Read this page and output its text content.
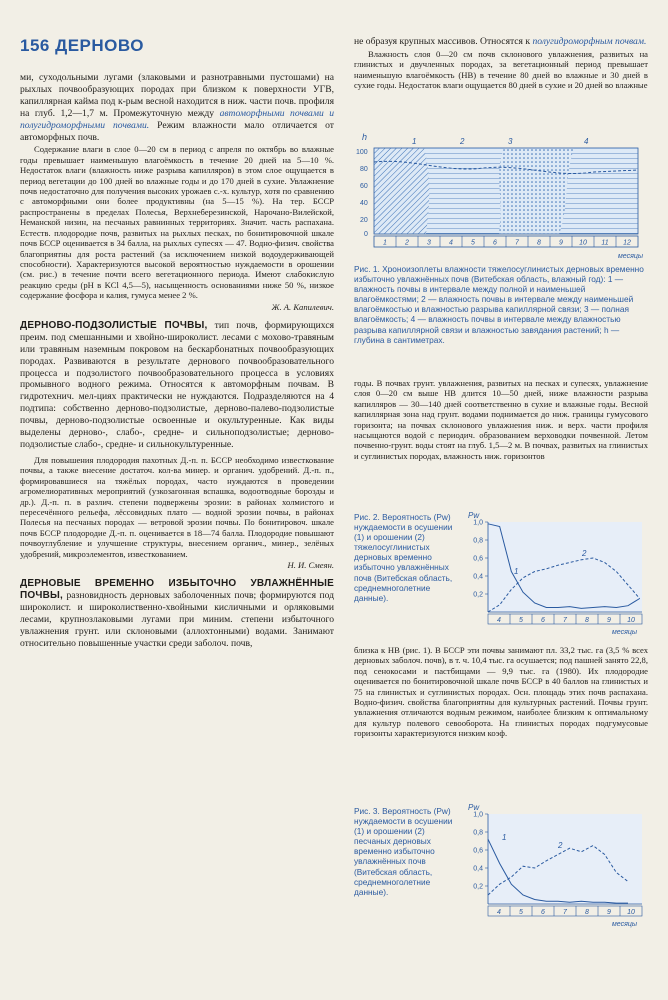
156 ДЕРНОВО

ми, суходольными лугами (злаковыми и разнотравными пустошами) на рыхлых почвообразующих породах при близком к поверхности УГВ, капиллярная кайма под к-рым весной находится в ниж. части почв. профиля на глуб. 1,2—1,7 м. Промежуточную между автоморфными почвами и полугидроморфными почвами. Режим влажности мало отличается от автоморфных почв.

Содержание влаги в слое 0—20 см в период с апреля по октябрь во влажные годы превышает наименьшую влагоёмкость в течение 20 дней на 5—10 %. Недостаток влаги (влажность ниже разрыва капилляров) в этом слое ощущается в период вегетации до 100 дней во влажные годы и до 170 дней в сухие. Увлажнение почв недостаточно для получения высоких урожаев с.-х. культур, хотя по сравнению с автоморфными они более продуктивны (на 5—15 %). На тер. БССР распространены в пределах Полесья, Верхнеберезинской, Нарочано-Вилейской, Неманской низин, на песчаных равнинных территориях. Значит. часть распахана. Естеств. плодородие почв, развитых на рыхлых песках, по бонитировочной шкале почв БССР оценивается в 34 балла, на рыхлых супесях — 47. Водно-физич. свойства благоприятны для роста растений (за исключением низкой водоудерживающей способности). Характеризуются высокой вероятностью нуждаемости в орошении (см. рис.) в течение почти всего вегетационного периода. Имеют слабокислую реакцию среды (pH в KCl 4,5—5), насыщенность основаниями ниже 50 %, низкое содержание фосфора и калия, гумуса менее 2 %.

Ж. А. Капилевич.

ДЕРНОВО-ПОДЗОЛИСТЫЕ ПОЧВЫ, тип почв, формирующихся преим. под смешанными и хвойно-широколист. лесами с мохово-травяным или травяным наземным покровом на бескарбонатных почвообразующих породах. Развиваются в результате дернового почвообразовательного процесса и подзолистого почвообразовательного процесса в условиях промывного водного режима. Относятся к автоморфным почвам. В гидротехнич. мел-циях практически не нуждаются. Подразделяются на 4 подтипа: собственно дерново-подзолистые, дерново-палево-подзолистые почвы, дерново-подзолистые освоенные и окультуренные. Как виды выделены дерново-, слабо-, средне- и сильноподзолистые; дерново-подзолистые слабо-, средне- и сильнокультуренные.

Для повышения плодородия пахотных Д.-п. п. БССР необходимо известкование почвы, а также внесение достаточ. кол-ва минер. и органич. удобрений. Д.-п. п., формировавшиеся на тяжёлых породах, часто нуждаются в проведении агромелиоративных мероприятий (узкозагонная вспашка, водоотводные борозды и др.). Д.-п. п. в различ. степени подвержены эрозии: в районах холмистого и пересечённого рельефа, лёссовидных плато — водной эрозии почвы, в районах Полесья на песчаных породах — ветровой эрозии почвы. По бонитировоч. шкале почв БССР плодородие Д.-п. п. оценивается в 18—74 балла. Плодородие повышают почвоуглубление и улучшение структуры, внесением органич., минер., зелёных удобрений, микроэлементов, известкованием.

Н. И. Смеян.

ДЕРНОВЫЕ ВРЕМЕННО ИЗБЫТОЧНО УВЛАЖНЁННЫЕ ПОЧВЫ, разновидность дерновых заболоченных почв; формируются под широколист. и широколиственно-хвойными кисличными и орляковыми лесами, крупнозлаковыми лугами при миним. степени избыточного увлажнения грунт. или склоновыми (аллохтонными) водами. Занимают относительно повышенные участки среди заболоч. почв,

не образуя крупных массивов. Относятся к полугидроморфным почвам.

Влажность слоя 0—20 см почв склонового увлажнения, развитых на глинистых и двучленных породах, за вегетационный период превышает наименьшую влагоёмкость (НВ) в течение 80 дней во влажные и 30 дней в сухие годы. Недостаток влаги ощущается 80 дней в сухие и 20 дней во влажные

h
100
80
60
40
20
0
1	2	3	4
1	2	3	4	5	6	7	8	9 10 11 12
месяцы
Рис. 1. Хроноизоплеты влажности тяжелосуглинистых дерновых временно избыточно увлажнённых почв (Витебская область, влажный год): 1 — влажность почвы в интервале между полной и наименьшей влагоёмкостями; 2 — влажность почвы в интервале между наименьшей влагоёмкостью и влажностью разрыва капиллярной связи; 3 — полная влагоёмкость; 4 — влажность почвы в интервале между влажностью разрыва капиллярной связи и влажностью завядания растений; h — глубина в сантиметрах.

годы. В почвах грунт. увлажнения, развитых на песках и супесях, увлажнение слоя 0—20 см выше НВ длится 10—50 дней, ниже влажности разрыва капилляров — 30—140 дней соответственно в сухие и влажные годы. Весной капиллярная зона над грунт. водами поднимается до ниж. границы гумусового горизонта; на почвах склонового увлажнения ниж. и верх. части профиля насыщаются водой с периодич. образованием верховодки почвенной. Летом почвенно-грунт. воды стоят на глуб. 1,5—2 м. В почвах, развитых на глинистых и суглинистых породах, влажность ниж. горизонтов

Рис. 2. Вероятность (Pw) нуждаемости в осушении (1) и орошении (2) тяжелосуглинистых дерновых временно избыточно увлажнённых почв (Витебская область, среднемноголетние данные).
Pw
1,0
0,8
0,6
0,4
0,2
4	5	6	7	8	9 10
месяцы
1
2

близка к НВ (рис. 1). В БССР эти почвы занимают пл. 33,2 тыс. га (3,5 % всех дерновых заболоч. почв), в т. ч. 10,4 тыс. га осушается; под пашней занято 22,8, под сенокосами и пастбищами — 9,9 тыс. га (1980). Их плодородие оценивается по бонитировочной шкале почв БССР в 40 баллов на глинистых и 75 на глинистых и суглинистых породах. Осн. площадь этих почв распахана. Водно-физич. свойства благоприятны для культурных растений. Почвы грунт. увлажнения отличаются водным режимом, наиболее близким к оптимальному для культур полевого севооборота. На глинистых породах подгумусовые горизонты характеризуются низким коэф.

Рис. 3. Вероятность (Pw) нуждаемости в осушении (1) и орошении (2) песчаных дерновых временно избыточно увлажнённых почв (Витебская область, среднемноголетние данные).
Pw
1,0
0,8
0,6
0,4
0,2
4	5	6	7	8	9 10
месяцы
1
2
